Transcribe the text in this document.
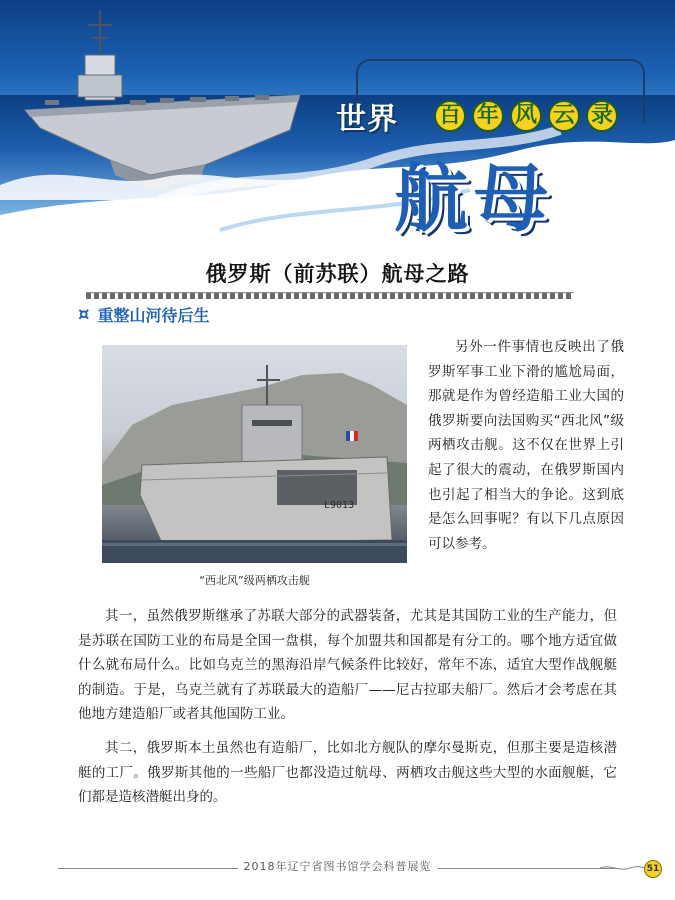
世界 百 年 风 云 录
航母
俄罗斯（前苏联）航母之路
¤ 重整山河待后生
L9013
“西北风”级两栖攻击舰

另外一件事情也反映出了俄罗斯军事工业下滑的尴尬局面，那就是作为曾经造船工业大国的俄罗斯要向法国购买“西北风”级两栖攻击舰。这不仅在世界上引起了很大的震动，在俄罗斯国内也引起了相当大的争论。这到底是怎么回事呢？有以下几点原因可以参考。

其一，虽然俄罗斯继承了苏联大部分的武器装备，尤其是其国防工业的生产能力，但是苏联在国防工业的布局是全国一盘棋，每个加盟共和国都是有分工的。哪个地方适宜做什么就布局什么。比如乌克兰的黑海沿岸气候条件比较好，常年不冻，适宜大型作战舰艇的制造。于是，乌克兰就有了苏联最大的造船厂——尼古拉耶夫船厂。然后才会考虑在其他地方建造船厂或者其他国防工业。

其二，俄罗斯本土虽然也有造船厂，比如北方舰队的摩尔曼斯克，但那主要是造核潜艇的工厂。俄罗斯其他的一些船厂也都没造过航母、两栖攻击舰这些大型的水面舰艇，它们都是造核潜艇出身的。

2018年辽宁省图书馆学会科普展览	51
